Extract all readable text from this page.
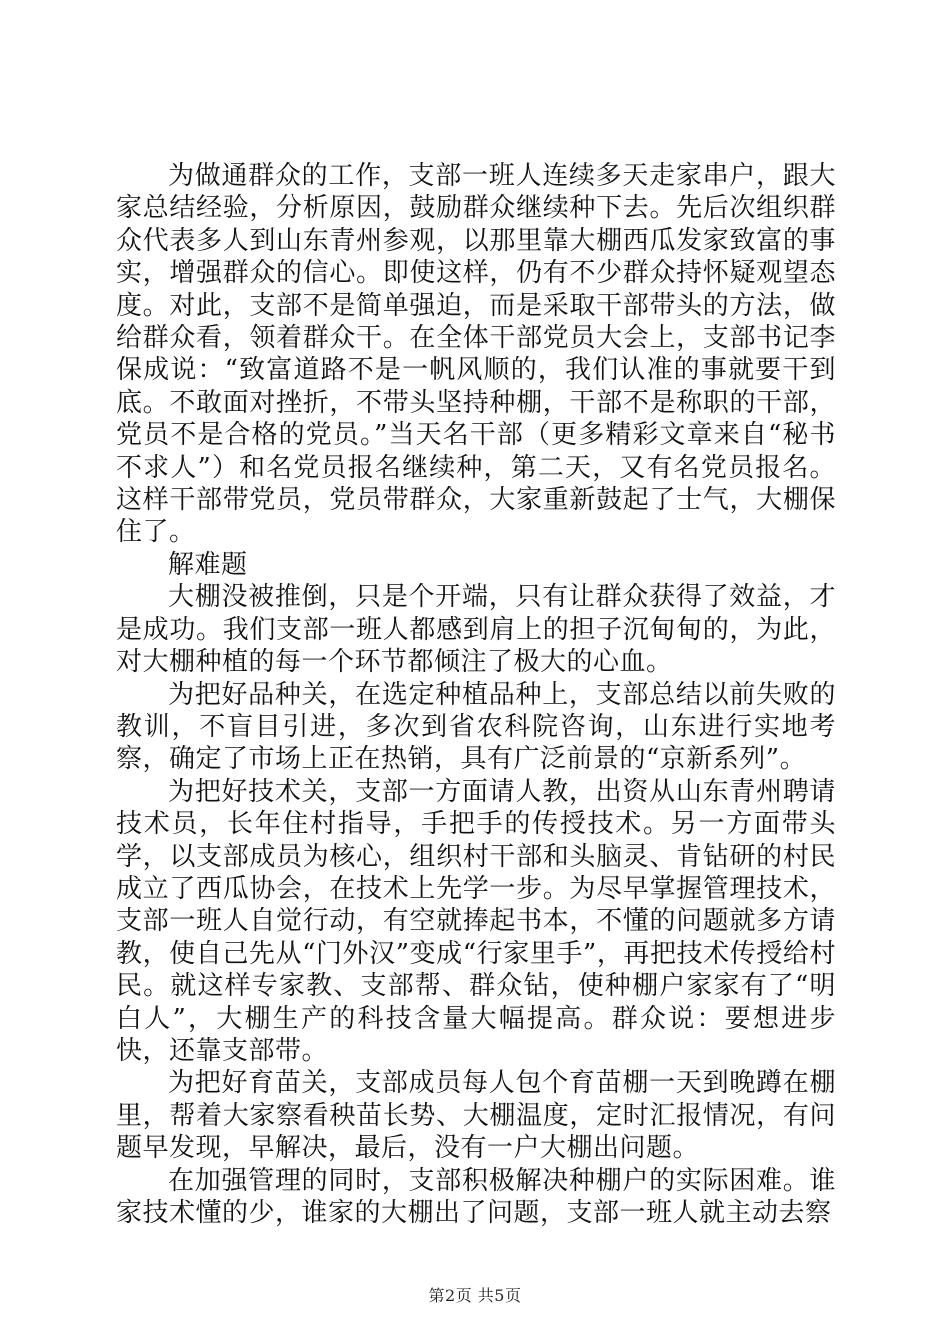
为做通群众的工作，支部一班人连续多天走家串户，跟大家总结经验，分析原因，鼓励群众继续种下去。先后次组织群众代表多人到山东青州参观，以那里靠大棚西瓜发家致富的事实，增强群众的信心。即使这样，仍有不少群众持怀疑观望态度。对此，支部不是简单强迫，而是采取干部带头的方法，做给群众看，领着群众干。在全体干部党员大会上，支部书记李保成说：“致富道路不是一帆风顺的，我们认准的事就要干到底。不敢面对挫折，不带头坚持种棚，干部不是称职的干部，党员不是合格的党员。”当天名干部（更多精彩文章来自“秘书不求人”）和名党员报名继续种，第二天，又有名党员报名。这样干部带党员，党员带群众，大家重新鼓起了士气，大棚保住了。

解难题

大棚没被推倒，只是个开端，只有让群众获得了效益，才是成功。我们支部一班人都感到肩上的担子沉甸甸的，为此，对大棚种植的每一个环节都倾注了极大的心血。

为把好品种关，在选定种植品种上，支部总结以前失败的教训，不盲目引进，多次到省农科院咨询，山东进行实地考察，确定了市场上正在热销，具有广泛前景的“京新系列”。

为把好技术关，支部一方面请人教，出资从山东青州聘请技术员，长年住村指导，手把手的传授技术。另一方面带头学，以支部成员为核心，组织村干部和头脑灵、肯钻研的村民成立了西瓜协会，在技术上先学一步。为尽早掌握管理技术，支部一班人自觉行动，有空就捧起书本，不懂的问题就多方请教，使自己先从“门外汉”变成“行家里手”，再把技术传授给村民。就这样专家教、支部帮、群众钻，使种棚户家家有了“明白人”，大棚生产的科技含量大幅提高。群众说：要想进步快，还靠支部带。

为把好育苗关，支部成员每人包个育苗棚一天到晚蹲在棚里，帮着大家察看秧苗长势、大棚温度，定时汇报情况，有问题早发现，早解决，最后，没有一户大棚出问题。

在加强管理的同时，支部积极解决种棚户的实际困难。谁家技术懂的少，谁家的大棚出了问题，支部一班人就主动去察

第2页 共5页
